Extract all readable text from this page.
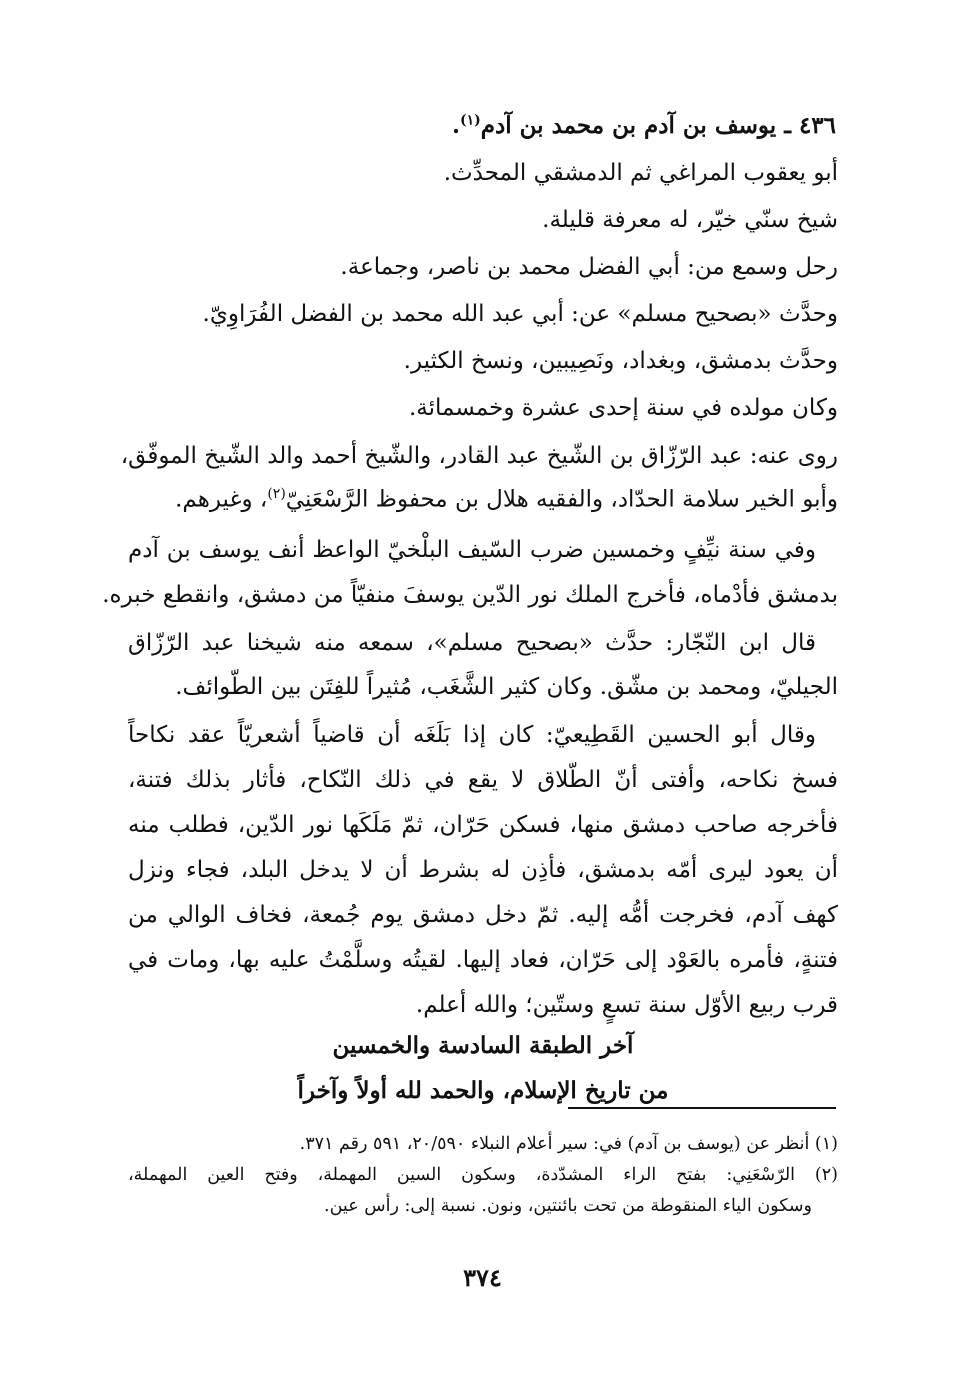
٤٣٦ ـ يوسف بن آدم بن محمد بن آدم$^{(١)}$.
أبو يعقوب المراغي ثم الدمشقي المحدِّث.
شيخ سنّي خيّر، له معرفة قليلة.
رحل وسمع من: أبي الفضل محمد بن ناصر، وجماعة.
وحدَّث «بصحيح مسلم» عن: أبي عبد الله محمد بن الفضل الفُرَاوِيّ.
وحدَّث بدمشق، وبغداد، ونَصِيبين، ونسخ الكثير.
وكان مولده في سنة إحدى عشرة وخمسمائة.
روى عنه: عبد الرّزّاق بن الشّيخ عبد القادر، والشّيخ أحمد والد الشّيخ الموفّق،
وأبو الخير سلامة الحدّاد، والفقيه هلال بن محفوظ الرَّسْعَنِيّ$^{(٢)}$، وغيرهم.
وفي سنة نيِّفٍ وخمسين ضرب السّيف البلْخيّ الواعظ أنف يوسف بن آدم
بدمشق فأدْماه، فأخرج الملك نور الدّين يوسفَ منفيّاً من دمشق، وانقطع خبره.
قال ابن النّجّار: حدَّث «بصحيح مسلم»، سمعه منه شيخنا عبد الرّزّاق
الجيليّ، ومحمد بن مشّق. وكان كثير الشَّغَب، مُثيراً للفِتَن بين الطّوائف.
وقال أبو الحسين القَطِيعيّ: كان إذا بَلَغَه أن قاضياً أشعريّاً عقد نكاحاً
فسخ نكاحه، وأفتى أنّ الطّلاق لا يقع في ذلك النّكاح، فأثار بذلك فتنة،
فأخرجه صاحب دمشق منها، فسكن حَرّان، ثمّ مَلَكَها نور الدّين، فطلب منه
أن يعود ليرى أمّه بدمشق، فأذِن له بشرط أن لا يدخل البلد، فجاء ونزل
كهف آدم، فخرجت أمُّه إليه. ثمّ دخل دمشق يوم جُمعة، فخاف الوالي من
فتنةٍ، فأمره بالعَوْد إلى حَرّان، فعاد إليها. لقيتُه وسلَّمْتُ عليه بها، ومات في
قرب ربيع الأوّل سنة تسعٍ وستّين؛ والله أعلم.
آخر الطبقة السادسة والخمسين
من تاريخ الإسلام، والحمد لله أولاً وآخراً
(١) أنظر عن (يوسف بن آدم) في: سير أعلام النبلاء ٢٠/٥٩٠، ٥٩١ رقم ٣٧١.
(٢) الرّسْعَنِي: بفتح الراء المشدّدة، وسكون السين المهملة، وفتح العين المهملة،
وسكون الياء المنقوطة من تحت بائنتين، ونون. نسبة إلى: رأس عين.
٣٧٤
